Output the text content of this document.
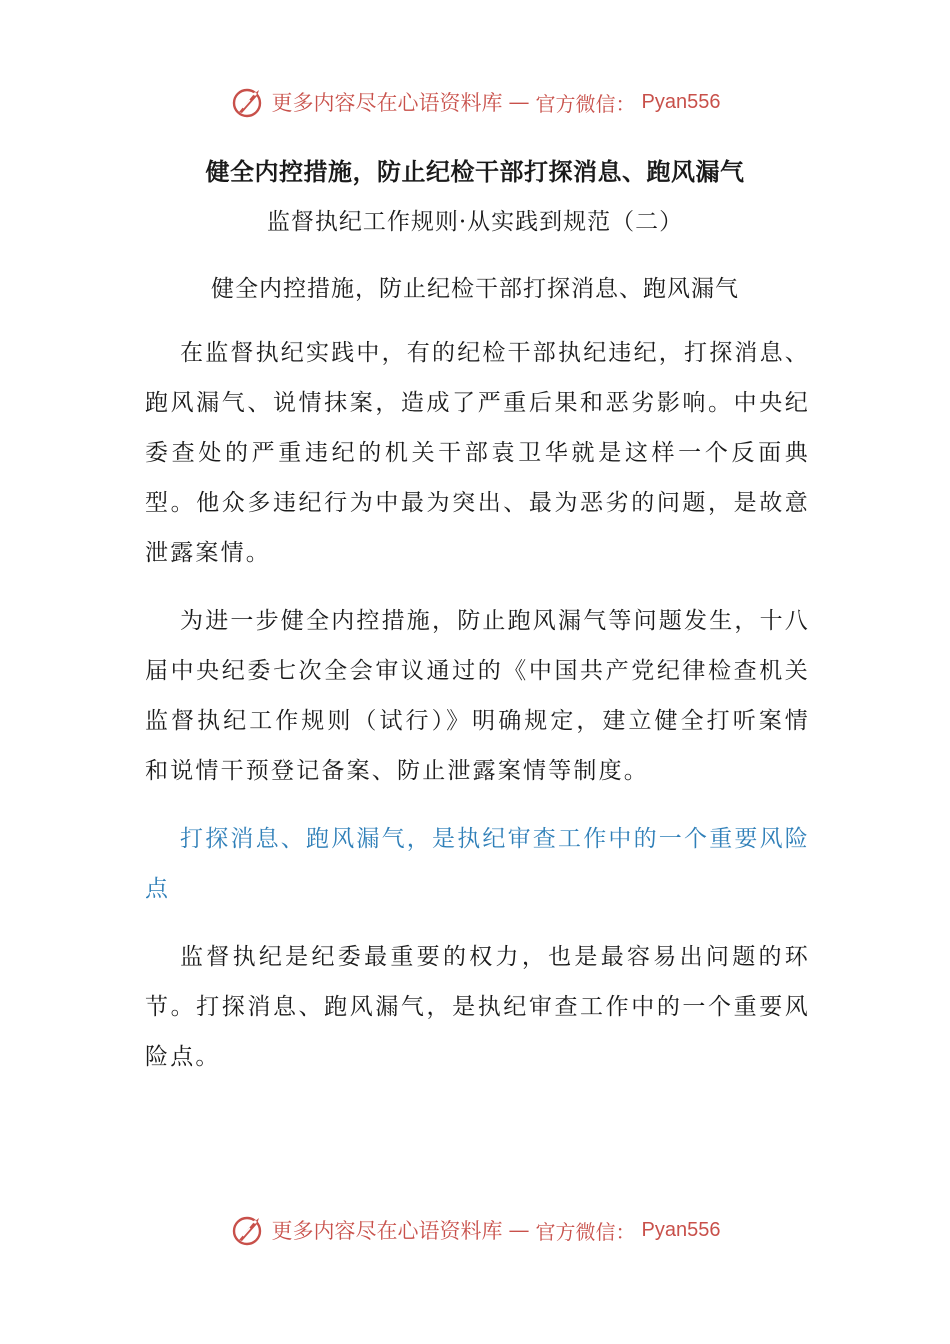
更多内容尽在心语资料库 — 官方微信： Pyan556
健全内控措施，防止纪检干部打探消息、跑风漏气
监督执纪工作规则·从实践到规范（二）
健全内控措施，防止纪检干部打探消息、跑风漏气

在监督执纪实践中，有的纪检干部执纪违纪，打探消息、跑风漏气、说情抹案，造成了严重后果和恶劣影响。中央纪委查处的严重违纪的机关干部袁卫华就是这样一个反面典型。他众多违纪行为中最为突出、最为恶劣的问题，是故意泄露案情。

为进一步健全内控措施，防止跑风漏气等问题发生，十八届中央纪委七次全会审议通过的《中国共产党纪律检查机关监督执纪工作规则（试行）》明确规定，建立健全打听案情和说情干预登记备案、防止泄露案情等制度。

打探消息、跑风漏气，是执纪审查工作中的一个重要风险点

监督执纪是纪委最重要的权力，也是最容易出问题的环节。打探消息、跑风漏气，是执纪审查工作中的一个重要风险点。

更多内容尽在心语资料库 — 官方微信： Pyan556
